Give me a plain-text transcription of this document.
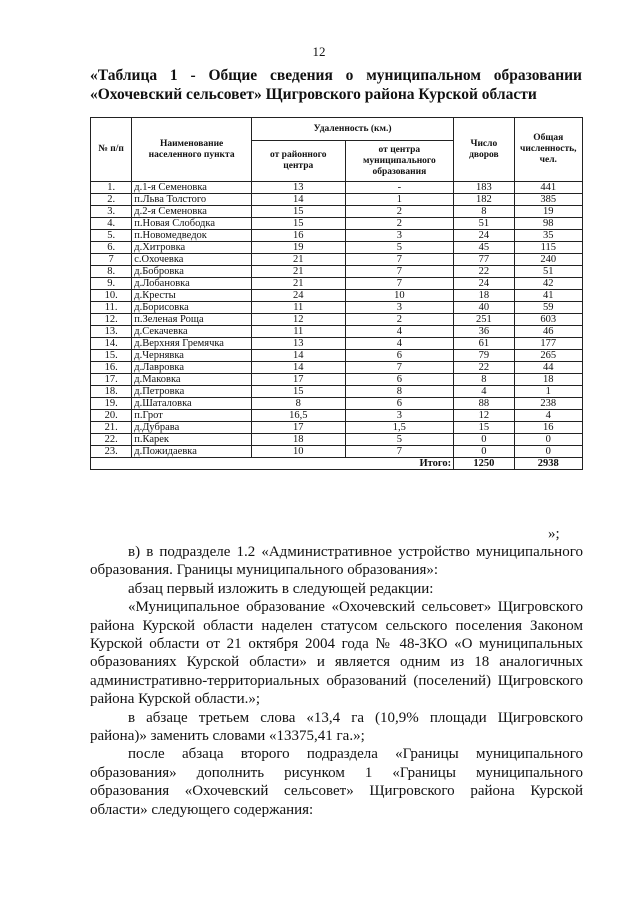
12
«Таблица 1 - Общие сведения о муниципальном образовании «Охочевский сельсовет» Щигровского района Курской области
№ п/п	Наименование населенного пункта	Удаленность (км.)		Число дворов	Общая численность, чел.
		от районного центра	от центра муниципального образования		
1.	д.1-я Семеновка	13	-	183	441
2.	п.Льва Толстого	14	1	182	385
3.	д.2-я Семеновка	15	2	8	19
4.	п.Новая Слободка	15	2	51	98
5.	п.Новомедведок	16	3	24	35
6.	д.Хитровка	19	5	45	115
7	с.Охочевка	21	7	77	240
8.	д.Бобровка	21	7	22	51
9.	д.Лобановка	21	7	24	42
10.	д.Кресты	24	10	18	41
11.	д.Борисовка	11	3	40	59
12.	п.Зеленая Роща	12	2	251	603
13.	д.Секачевка	11	4	36	46
14.	д.Верхняя Гремячка	13	4	61	177
15.	д.Чернявка	14	6	79	265
16.	д.Лавровка	14	7	22	44
17.	д.Маковка	17	6	8	18
18.	д.Петровка	15	8	4	1
19.	д.Шаталовка	8	6	88	238
20.	п.Грот	16,5	3	12	4
21.	д.Дубрава	17	1,5	15	16
22.	п.Карек	18	5	0	0
23.	д.Пожидаевка	10	7	0	0

	Итого:			1250	2938
»;

в) в подразделе 1.2 «Административное устройство муниципального образования. Границы муниципального образования»:

абзац первый изложить в следующей редакции:

«Муниципальное образование «Охочевский сельсовет» Щигровского района Курской области наделен статусом сельского поселения Законом Курской области от 21 октября 2004 года № 48-ЗКО «О муниципальных образованиях Курской области» и является одним из 18 аналогичных административно-территориальных образований (поселений) Щигровского района Курской области.»;

в абзаце третьем слова «13,4 га (10,9% площади Щигровского района)» заменить словами «13375,41 га.»;

после абзаца второго подраздела «Границы муниципального образования» дополнить рисунком 1 «Границы муниципального образования «Охочевский сельсовет» Щигровского района Курской области» следующего содержания:
